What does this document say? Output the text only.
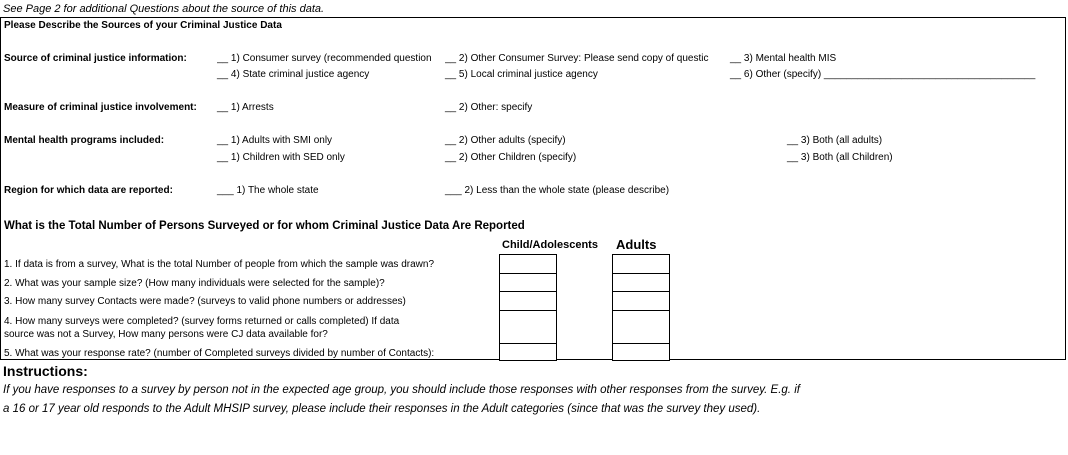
See Page 2 for additional Questions about the source of this data.
Please Describe the Sources of your Criminal Justice Data
Source of criminal justice information:	__ 1) Consumer survey (recommended question	__ 2) Other Consumer Survey: Please send copy of questic	__ 3) Mental health MIS
__ 4) State criminal justice agency	__ 5) Local criminal justice agency	__ 6) Other (specify) ______________________________________
Measure of criminal justice involvement: __ 1) Arrests	__ 2) Other: specify
Mental health programs included:	__ 1) Adults with SMI only	__ 2) Other adults (specify)	__ 3) Both (all adults)
__ 1) Children with SED only	__ 2) Other Children (specify)	__ 3) Both (all Children)
Region for which data are reported:	___ 1) The whole state	___ 2) Less than the whole state (please describe)
What is the Total Number of Persons Surveyed or for whom Criminal Justice Data Are Reported
Child/Adolescents Adults
1. If data is from a survey, What is the total Number of people from which the sample was drawn?
2. What was your sample size? (How many individuals were selected for the sample)?
3. How many survey Contacts were made? (surveys to valid phone numbers or addresses)
4. How many surveys were completed? (survey forms returned or calls completed) If data
source was not a Survey, How many persons were CJ data available for?
5. What was your response rate? (number of Completed surveys divided by number of Contacts):
Instructions:
If you have responses to a survey by person not in the expected age group, you should include those responses with other responses from the survey. E.g. if
a 16 or 17 year old responds to the Adult MHSIP survey, please include their responses in the Adult categories (since that was the survey they used).
